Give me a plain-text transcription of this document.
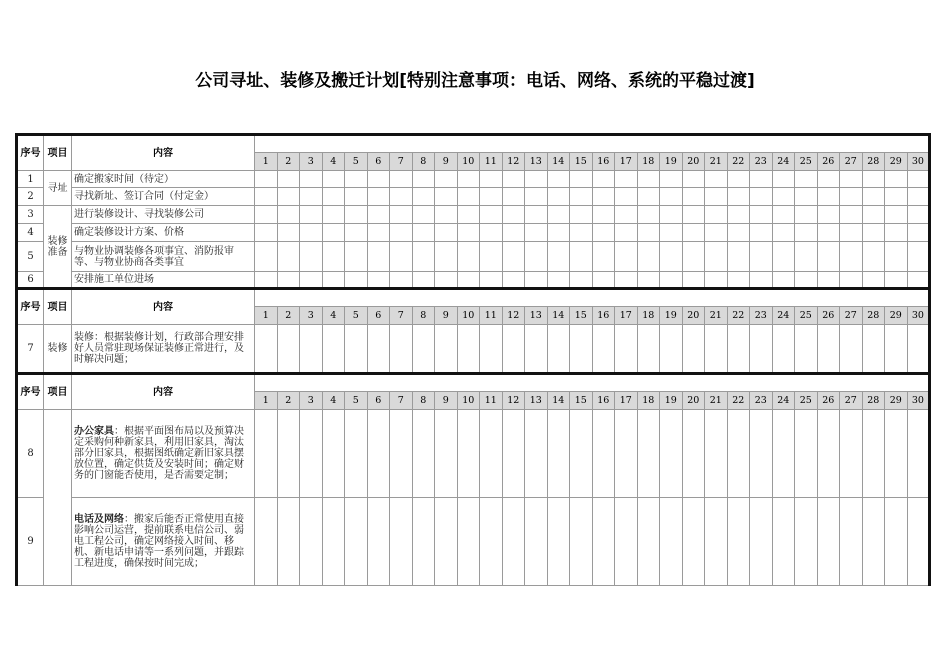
公司寻址、装修及搬迁计划[特别注意事项：电话、网络、系统的平稳过渡]
序号	项目	内容																														
			1	2	3	4	5	6	7	8	9	10	11	12	13	14	15	16	17	18	19	20	21	22	23	24	25	26	27	28	29	30
1	寻址	确定搬家时间（待定）																														
2		寻找新址、签订合同（付定金）																														
3	装修准备	进行装修设计、寻找装修公司																														
4		确定装修设计方案、价格																														
5		与物业协调装修各项事宜、消防报审等、与物业协商各类事宜																														
6		安排施工单位进场																														
序号	项目	内容																														
			1	2	3	4	5	6	7	8	9	10	11	12	13	14	15	16	17	18	19	20	21	22	23	24	25	26	27	28	29	30
7	装修	装修：根据装修计划，行政部合理安排好人员常驻现场保证装修正常进行，及时解决问题；																														
序号	项目	内容																														
			1	2	3	4	5	6	7	8	9	10	11	12	13	14	15	16	17	18	19	20	21	22	23	24	25	26	27	28	29	30
8		办公家具：根据平面图布局以及预算决定采购何种新家具，利用旧家具，淘汰部分旧家具，根据图纸确定新旧家具摆放位置，确定供货及安装时间；确定财务的门窗能否使用，是否需要定制；																														
9		电话及网络：搬家后能否正常使用直接影响公司运营，提前联系电信公司、弱电工程公司，确定网络接入时间、移机、新电话申请等一系列问题，并跟踪工程进度，确保按时间完成；																														
